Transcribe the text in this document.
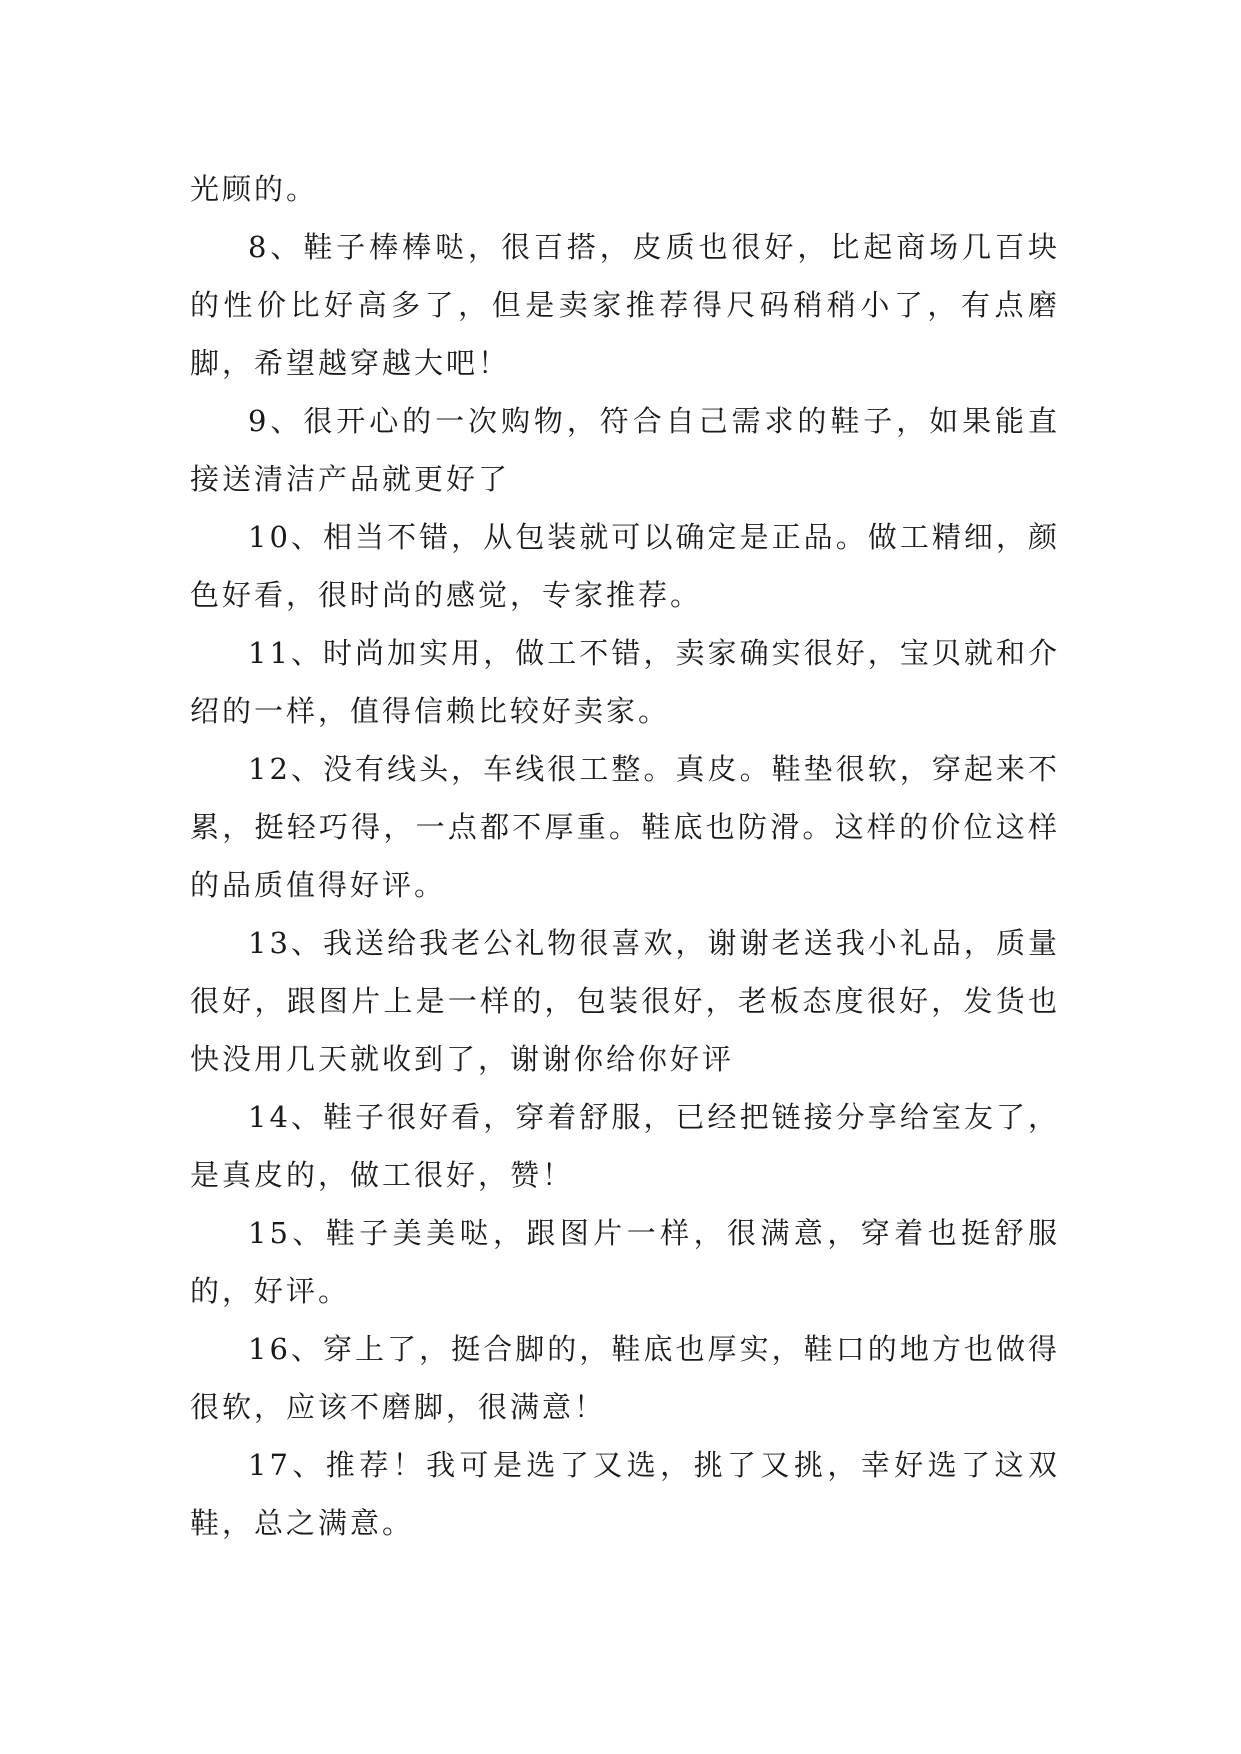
光顾的。

8、鞋子棒棒哒，很百搭，皮质也很好，比起商场几百块的性价比好高多了，但是卖家推荐得尺码稍稍小了，有点磨脚，希望越穿越大吧！

9、很开心的一次购物，符合自己需求的鞋子，如果能直接送清洁产品就更好了

10、相当不错，从包装就可以确定是正品。做工精细，颜色好看，很时尚的感觉，专家推荐。

11、时尚加实用，做工不错，卖家确实很好，宝贝就和介绍的一样，值得信赖比较好卖家。

12、没有线头，车线很工整。真皮。鞋垫很软，穿起来不累，挺轻巧得，一点都不厚重。鞋底也防滑。这样的价位这样的品质值得好评。

13、我送给我老公礼物很喜欢，谢谢老送我小礼品，质量很好，跟图片上是一样的，包装很好，老板态度很好，发货也快没用几天就收到了，谢谢你给你好评

14、鞋子很好看，穿着舒服，已经把链接分享给室友了，是真皮的，做工很好，赞！

15、鞋子美美哒，跟图片一样，很满意，穿着也挺舒服的，好评。

16、穿上了，挺合脚的，鞋底也厚实，鞋口的地方也做得很软，应该不磨脚，很满意！

17、推荐！我可是选了又选，挑了又挑，幸好选了这双鞋，总之满意。
